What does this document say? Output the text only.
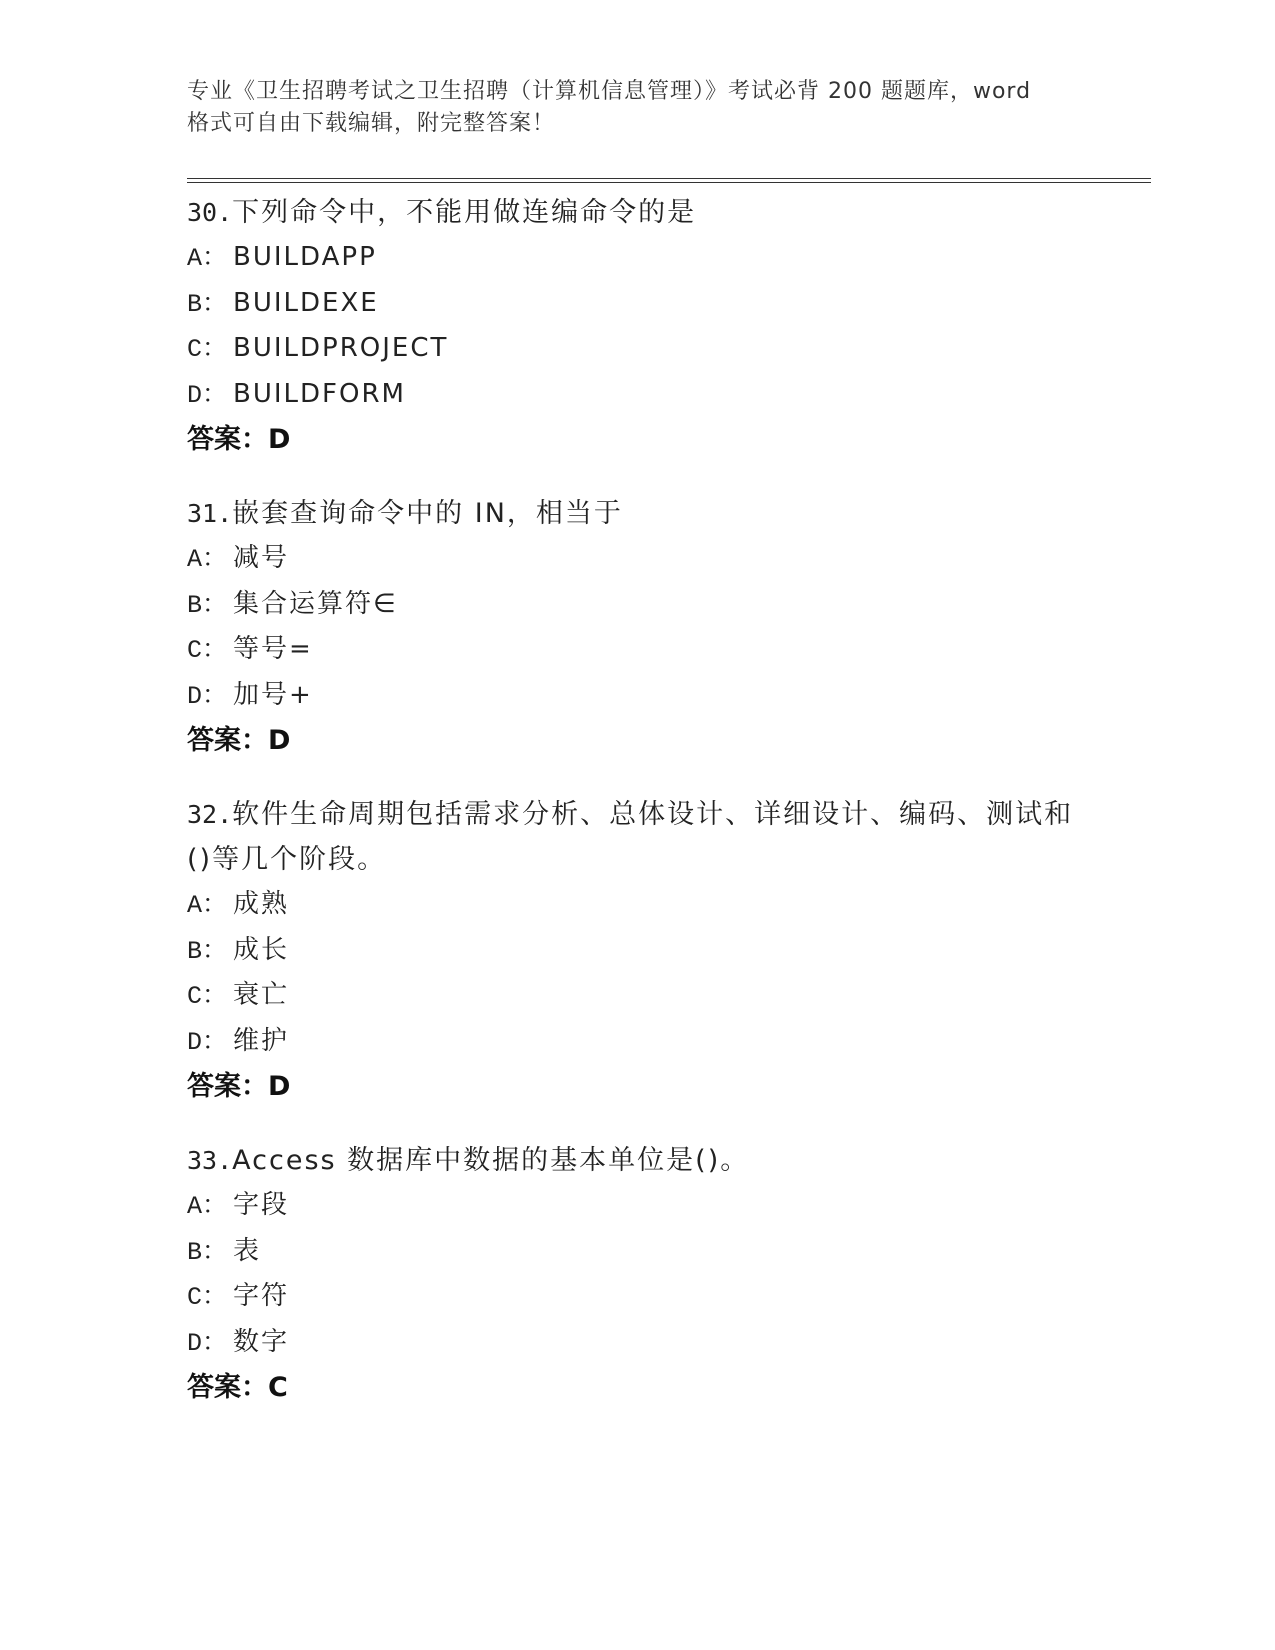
专业《卫生招聘考试之卫生招聘（计算机信息管理）》考试必背 200 题题库，word
格式可自由下载编辑，附完整答案！
30.下列命令中，不能用做连编命令的是
A： BUILDAPP
B： BUILDEXE
C： BUILDPROJECT
D： BUILDFORM
答案：D
31.嵌套查询命令中的 IN，相当于
A： 减号
B： 集合运算符∈
C： 等号=
D： 加号+
答案：D
32.软件生命周期包括需求分析、总体设计、详细设计、编码、测试和()等几个阶段。
A： 成熟
B： 成长
C： 衰亡
D： 维护
答案：D
33.Access 数据库中数据的基本单位是()。
A： 字段
B： 表
C： 字符
D： 数字
答案：C
